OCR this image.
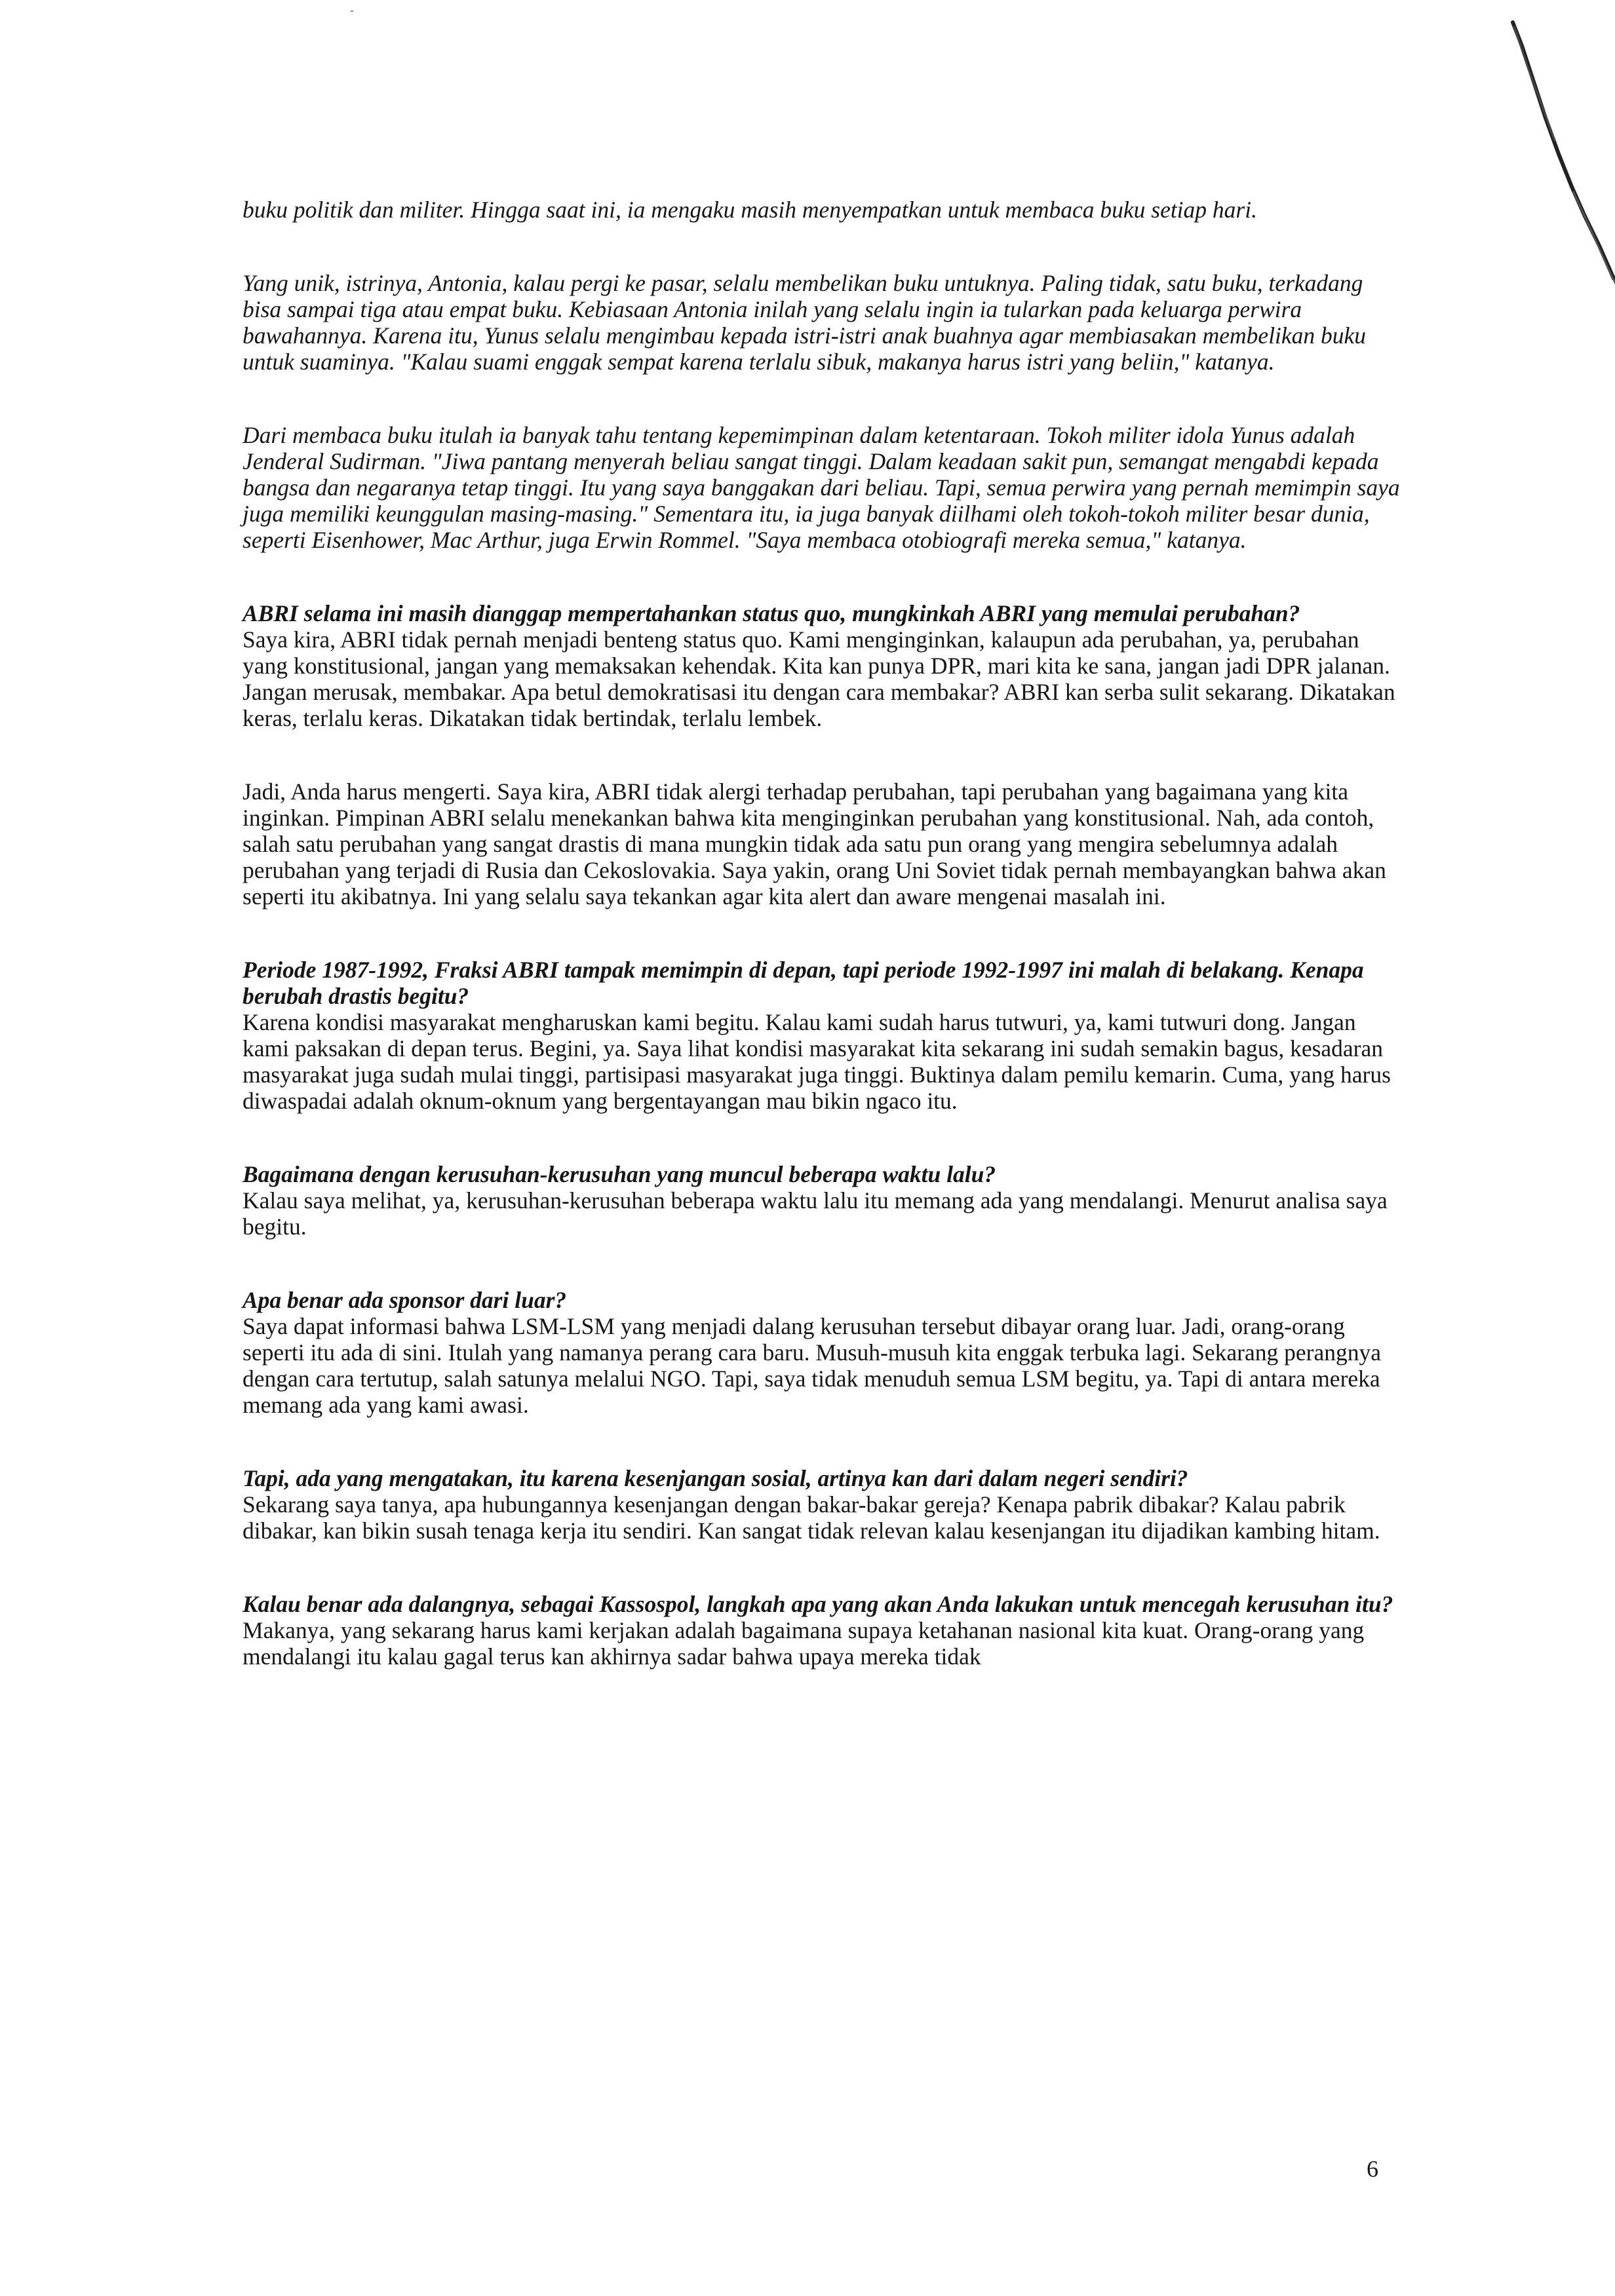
buku politik dan militer. Hingga saat ini, ia mengaku masih menyempatkan untuk membaca buku setiap hari.

Yang unik, istrinya, Antonia, kalau pergi ke pasar, selalu membelikan buku untuknya. Paling tidak, satu buku, terkadang bisa sampai tiga atau empat buku. Kebiasaan Antonia inilah yang selalu ingin ia tularkan pada keluarga perwira bawahannya. Karena itu, Yunus selalu mengimbau kepada istri-istri anak buahnya agar membiasakan membelikan buku untuk suaminya. "Kalau suami enggak sempat karena terlalu sibuk, makanya harus istri yang beliin," katanya.

Dari membaca buku itulah ia banyak tahu tentang kepemimpinan dalam ketentaraan. Tokoh militer idola Yunus adalah Jenderal Sudirman. "Jiwa pantang menyerah beliau sangat tinggi. Dalam keadaan sakit pun, semangat mengabdi kepada bangsa dan negaranya tetap tinggi. Itu yang saya banggakan dari beliau. Tapi, semua perwira yang pernah memimpin saya juga memiliki keunggulan masing-masing." Sementara itu, ia juga banyak diilhami oleh tokoh-tokoh militer besar dunia, seperti Eisenhower, Mac Arthur, juga Erwin Rommel. "Saya membaca otobiografi mereka semua," katanya.

ABRI selama ini masih dianggap mempertahankan status quo, mungkinkah ABRI yang memulai perubahan?

Saya kira, ABRI tidak pernah menjadi benteng status quo. Kami menginginkan, kalaupun ada perubahan, ya, perubahan yang konstitusional, jangan yang memaksakan kehendak. Kita kan punya DPR, mari kita ke sana, jangan jadi DPR jalanan. Jangan merusak, membakar. Apa betul demokratisasi itu dengan cara membakar? ABRI kan serba sulit sekarang. Dikatakan keras, terlalu keras. Dikatakan tidak bertindak, terlalu lembek.

Jadi, Anda harus mengerti. Saya kira, ABRI tidak alergi terhadap perubahan, tapi perubahan yang bagaimana yang kita inginkan. Pimpinan ABRI selalu menekankan bahwa kita menginginkan perubahan yang konstitusional. Nah, ada contoh, salah satu perubahan yang sangat drastis di mana mungkin tidak ada satu pun orang yang mengira sebelumnya adalah perubahan yang terjadi di Rusia dan Cekoslovakia. Saya yakin, orang Uni Soviet tidak pernah membayangkan bahwa akan seperti itu akibatnya. Ini yang selalu saya tekankan agar kita alert dan aware mengenai masalah ini.

Periode 1987-1992, Fraksi ABRI tampak memimpin di depan, tapi periode 1992-1997 ini malah di belakang. Kenapa berubah drastis begitu?

Karena kondisi masyarakat mengharuskan kami begitu. Kalau kami sudah harus tutwuri, ya, kami tutwuri dong. Jangan kami paksakan di depan terus. Begini, ya. Saya lihat kondisi masyarakat kita sekarang ini sudah semakin bagus, kesadaran masyarakat juga sudah mulai tinggi, partisipasi masyarakat juga tinggi. Buktinya dalam pemilu kemarin. Cuma, yang harus diwaspadai adalah oknum-oknum yang bergentayangan mau bikin ngaco itu.

Bagaimana dengan kerusuhan-kerusuhan yang muncul beberapa waktu lalu?

Kalau saya melihat, ya, kerusuhan-kerusuhan beberapa waktu lalu itu memang ada yang mendalangi. Menurut analisa saya begitu.

Apa benar ada sponsor dari luar?

Saya dapat informasi bahwa LSM-LSM yang menjadi dalang kerusuhan tersebut dibayar orang luar. Jadi, orang-orang seperti itu ada di sini. Itulah yang namanya perang cara baru. Musuh-musuh kita enggak terbuka lagi. Sekarang perangnya dengan cara tertutup, salah satunya melalui NGO. Tapi, saya tidak menuduh semua LSM begitu, ya. Tapi di antara mereka memang ada yang kami awasi.

Tapi, ada yang mengatakan, itu karena kesenjangan sosial, artinya kan dari dalam negeri sendiri?

Sekarang saya tanya, apa hubungannya kesenjangan dengan bakar-bakar gereja? Kenapa pabrik dibakar? Kalau pabrik dibakar, kan bikin susah tenaga kerja itu sendiri. Kan sangat tidak relevan kalau kesenjangan itu dijadikan kambing hitam.

Kalau benar ada dalangnya, sebagai Kassospol, langkah apa yang akan Anda lakukan untuk mencegah kerusuhan itu?

Makanya, yang sekarang harus kami kerjakan adalah bagaimana supaya ketahanan nasional kita kuat. Orang-orang yang mendalangi itu kalau gagal terus kan akhirnya sadar bahwa upaya mereka tidak

6
